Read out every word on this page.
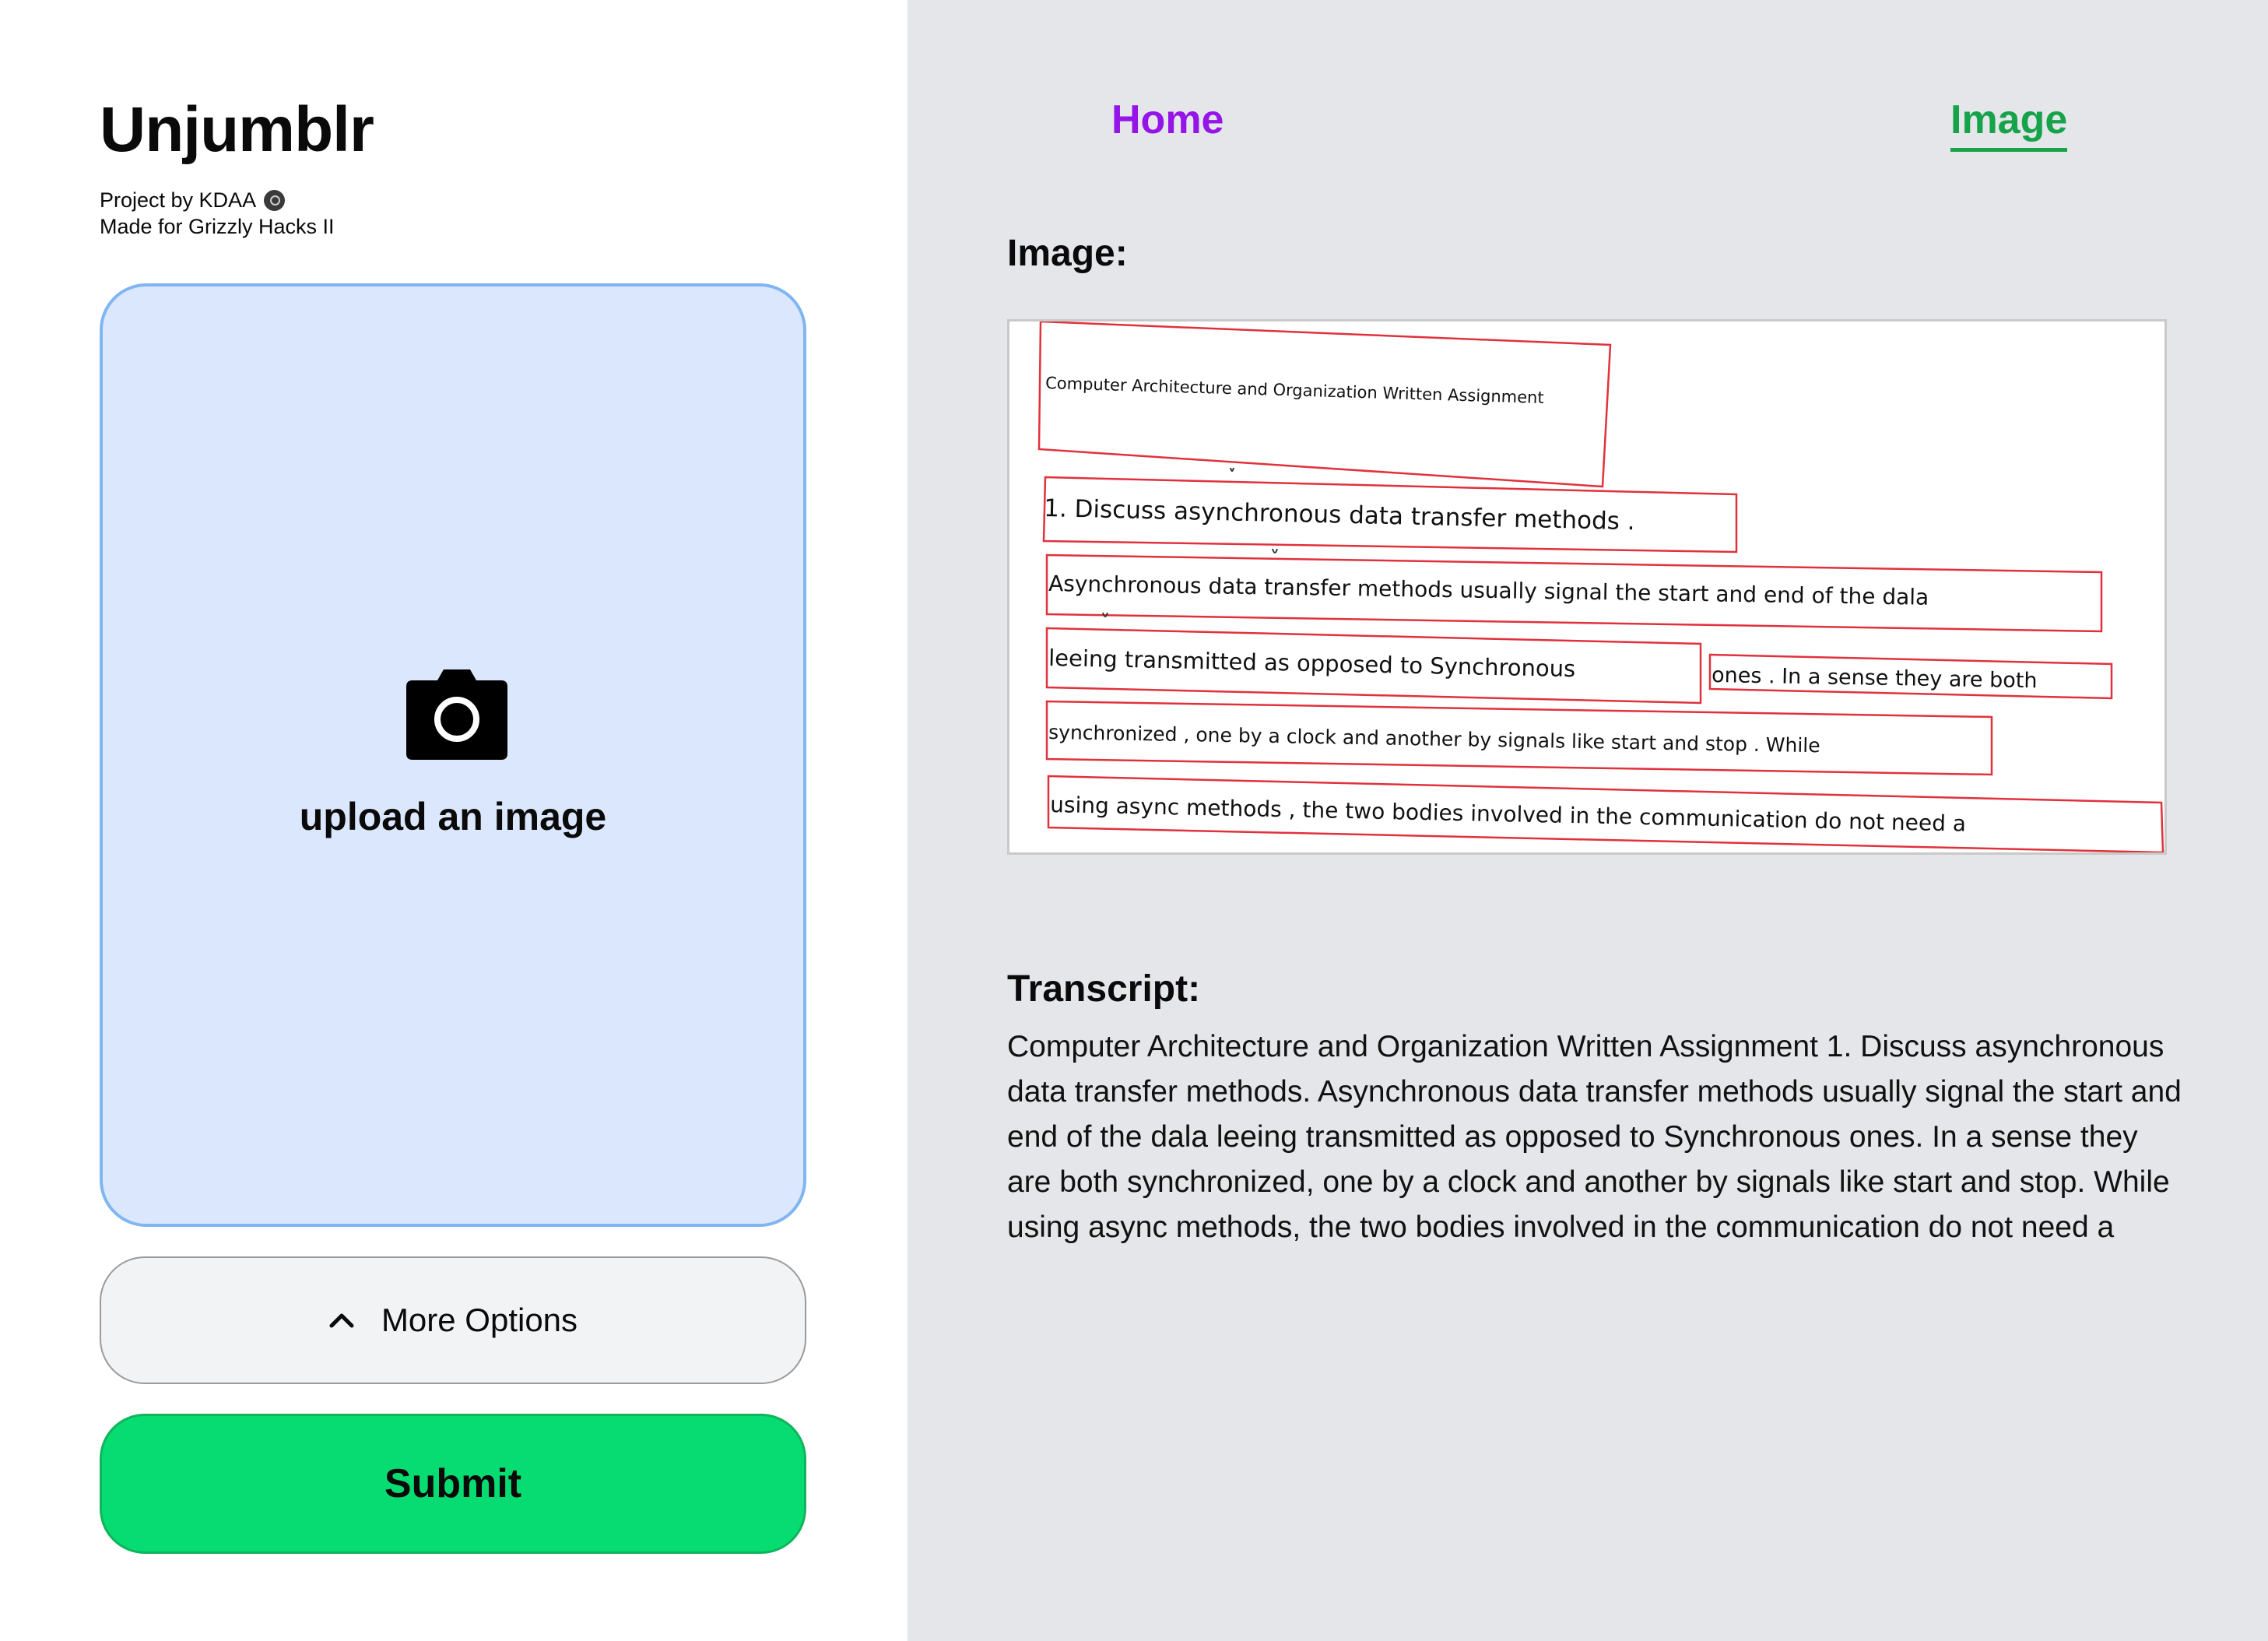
Unjumblr
Project by KDAA
Made for Grizzly Hacks II
upload an image
More Options
Submit
Home	Image
Image:
Computer Architecture and Organization Written Assignment
1. Discuss asynchronous data transfer methods .
Asynchronous data transfer methods usually signal the start and end of the dala
leeing transmitted as opposed to Synchronous	ones . In a sense they are both
synchronized , one by a clock and another by signals like start and stop . While
using async methods , the two bodies involved in the communication do not need a
Transcript:
Computer Architecture and Organization Written Assignment 1. Discuss asynchronous data transfer methods. Asynchronous data transfer methods usually signal the start and end of the dala leeing transmitted as opposed to Synchronous ones. In a sense they are both synchronized, one by a clock and another by signals like start and stop. While using async methods, the two bodies involved in the communication do not need a
